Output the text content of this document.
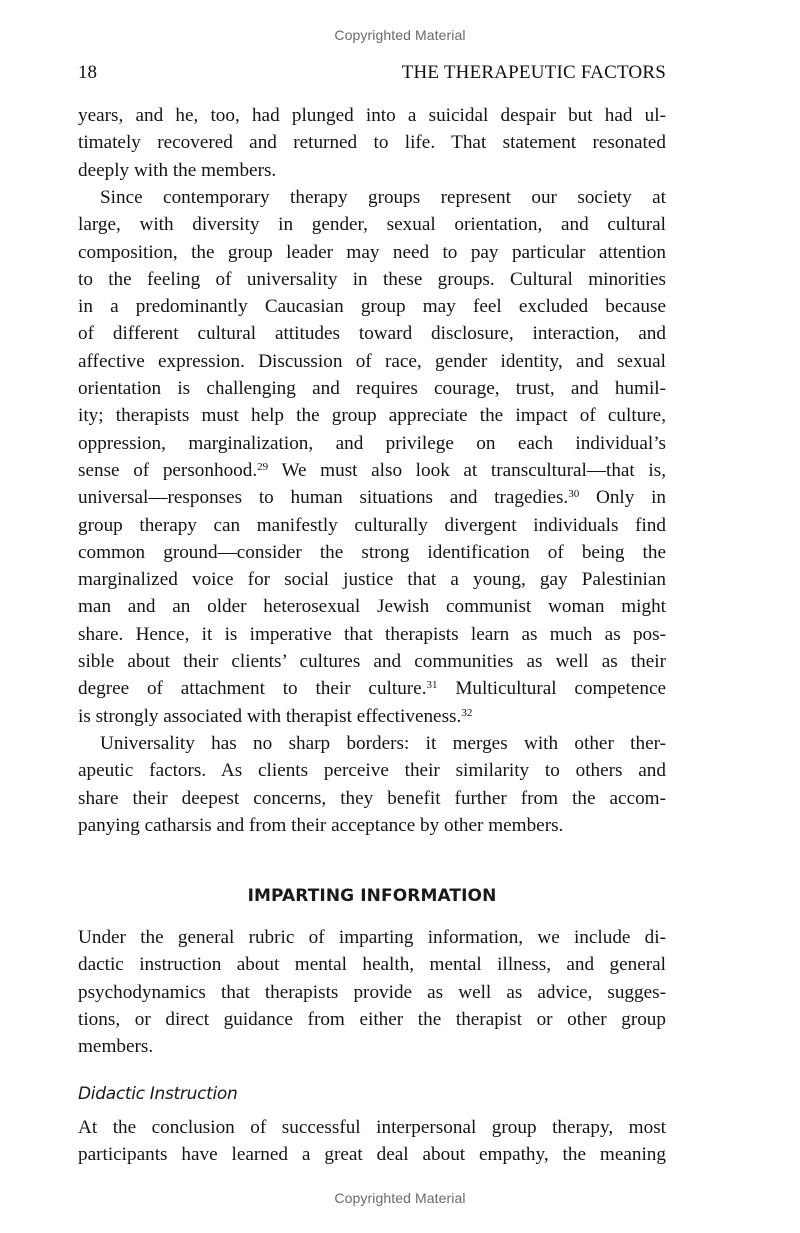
Copyrighted Material
18	THE THERAPEUTIC FACTORS
years, and he, too, had plunged into a suicidal despair but had ul-
timately recovered and returned to life. That statement resonated
deeply with the members.
Since contemporary therapy groups represent our society at
large, with diversity in gender, sexual orientation, and cultural
composition, the group leader may need to pay particular attention
to the feeling of universality in these groups. Cultural minorities
in a predominantly Caucasian group may feel excluded because
of different cultural attitudes toward disclosure, interaction, and
affective expression. Discussion of race, gender identity, and sexual
orientation is challenging and requires courage, trust, and humil-
ity; therapists must help the group appreciate the impact of culture,
oppression, marginalization, and privilege on each individual’s
sense of personhood.$^{29}$ We must also look at transcultural—that is,
universal—responses to human situations and tragedies.$^{30}$ Only in
group therapy can manifestly culturally divergent individuals find
common ground—consider the strong identification of being the
marginalized voice for social justice that a young, gay Palestinian
man and an older heterosexual Jewish communist woman might
share. Hence, it is imperative that therapists learn as much as pos-
sible about their clients’ cultures and communities as well as their
degree of attachment to their culture.$^{31}$ Multicultural competence
is strongly associated with therapist effectiveness.$^{32}$
Universality has no sharp borders: it merges with other ther-
apeutic factors. As clients perceive their similarity to others and
share their deepest concerns, they benefit further from the accom-
panying catharsis and from their acceptance by other members.
IMPARTING INFORMATION
Under the general rubric of imparting information, we include di-
dactic instruction about mental health, mental illness, and general
psychodynamics that therapists provide as well as advice, sugges-
tions, or direct guidance from either the therapist or other group
members.
Didactic Instruction
At the conclusion of successful interpersonal group therapy, most
participants have learned a great deal about empathy, the meaning
Copyrighted Material
